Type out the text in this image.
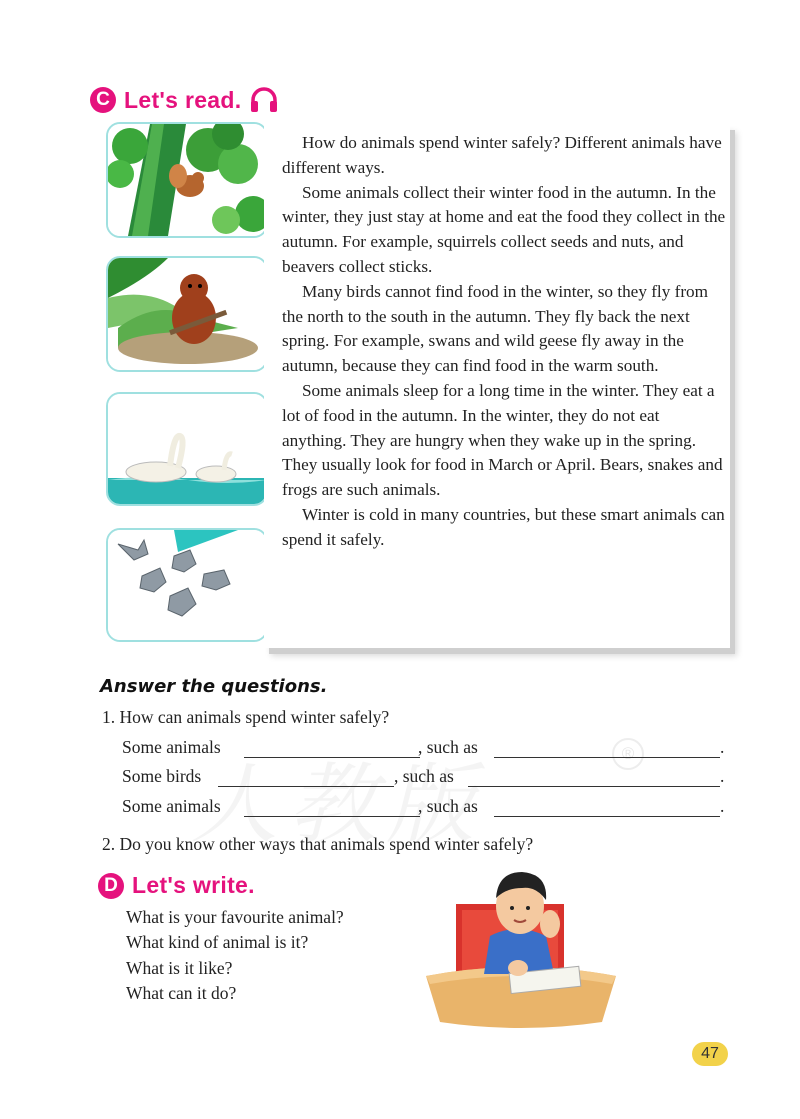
®
C Let's read.

How do animals spend winter safely? Different animals have different ways.

Some animals collect their winter food in the autumn. In the winter, they just stay at home and eat the food they collect in the autumn. For example, squirrels collect seeds and nuts, and beavers collect sticks.

Many birds cannot find food in the winter, so they fly from the north to the south in the autumn. They fly back the next spring. For example, swans and wild geese fly away in the autumn, because they can find food in the warm south.

Some animals sleep for a long time in the winter. They eat a lot of food in the autumn. In the winter, they do not eat anything. They are hungry when they wake up in the spring. They usually look for food in March or April. Bears, snakes and frogs are such animals.

Winter is cold in many countries, but these smart animals can spend it safely.

Answer the questions.
1. How can animals spend winter safely?
Some animals	, such as	.
Some birds	, such as	.
Some animals	, such as	.
2. Do you know other ways that animals spend winter safely?
D Let's write.
What is your favourite animal?
What kind of animal is it?
What is it like?
What can it do?
47
